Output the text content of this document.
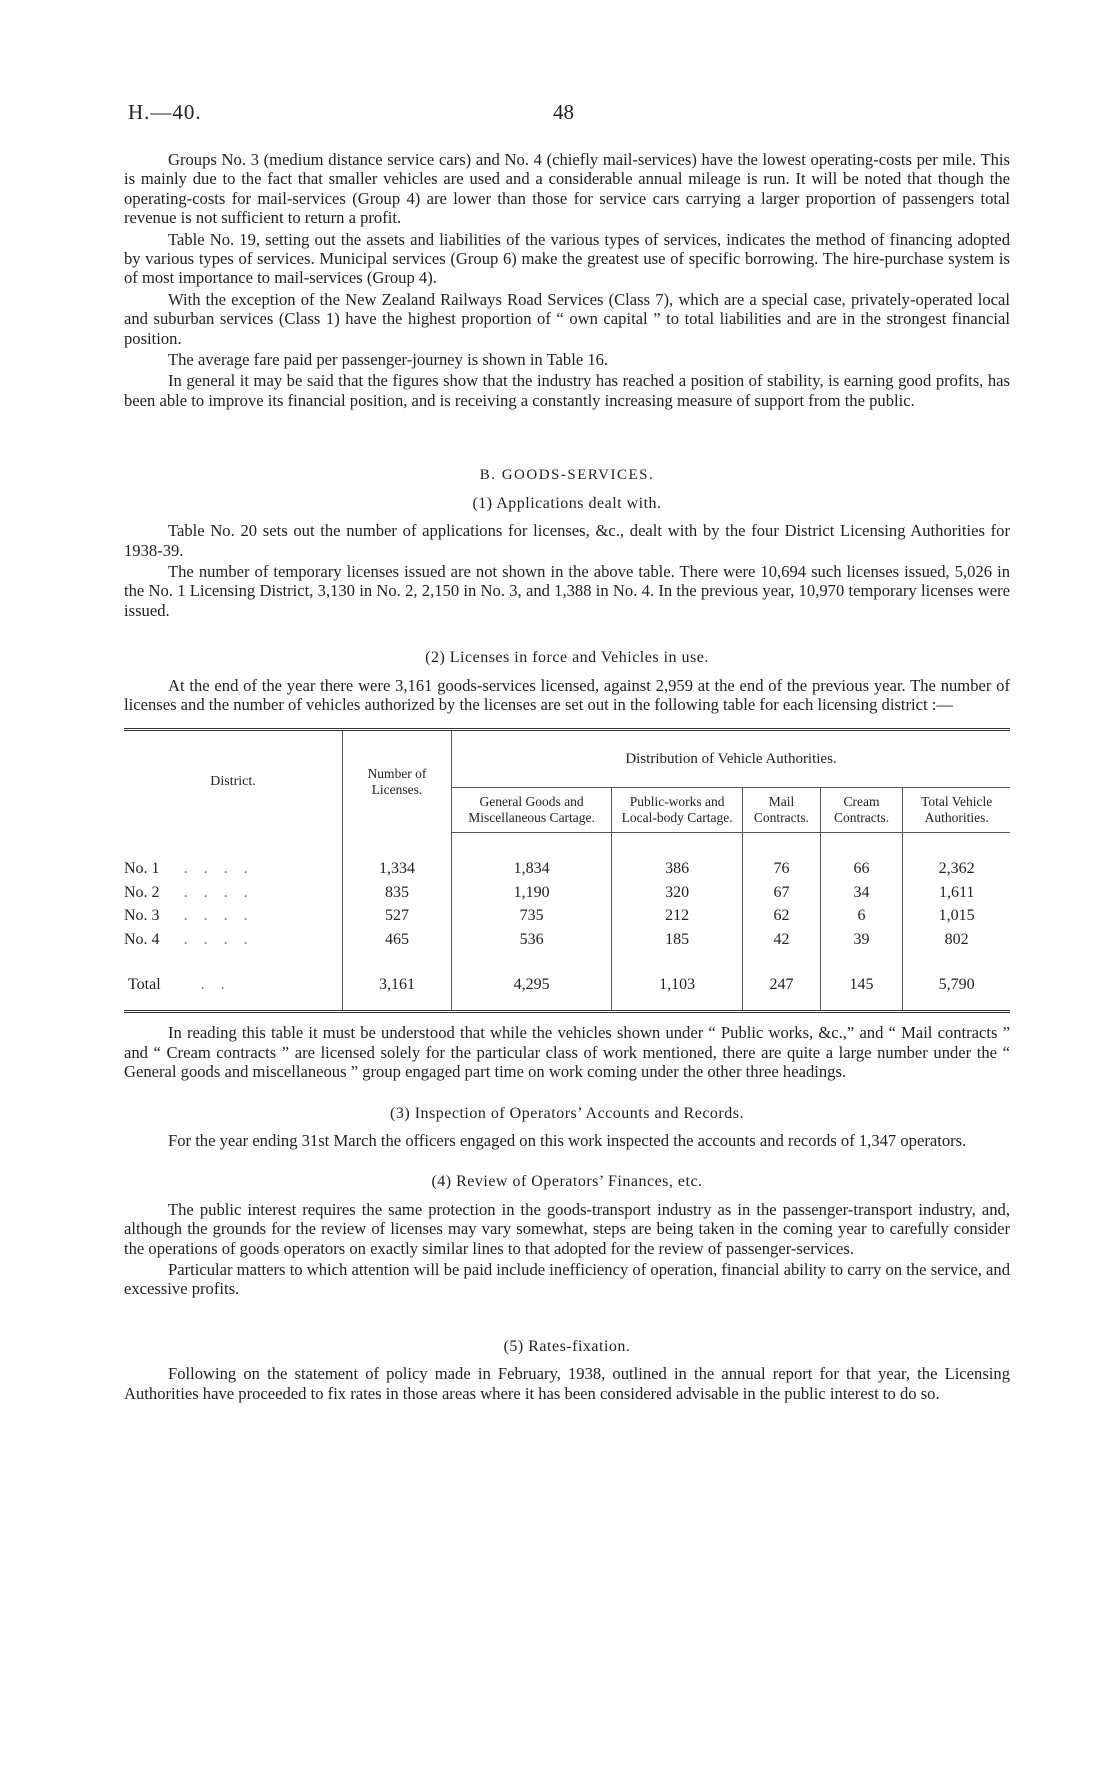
H.—40.	48

Groups No. 3 (medium distance service cars) and No. 4 (chiefly mail-services) have the lowest operating-costs per mile. This is mainly due to the fact that smaller vehicles are used and a considerable annual mileage is run. It will be noted that though the operating-costs for mail-services (Group 4) are lower than those for service cars carrying a larger proportion of passengers total revenue is not sufficient to return a profit.

Table No. 19, setting out the assets and liabilities of the various types of services, indicates the method of financing adopted by various types of services. Municipal services (Group 6) make the greatest use of specific borrowing. The hire-purchase system is of most importance to mail-services (Group 4).

With the exception of the New Zealand Railways Road Services (Class 7), which are a special case, privately-operated local and suburban services (Class 1) have the highest proportion of “ own capital ” to total liabilities and are in the strongest financial position.

The average fare paid per passenger-journey is shown in Table 16.

In general it may be said that the figures show that the industry has reached a position of stability, is earning good profits, has been able to improve its financial position, and is receiving a constantly increasing measure of support from the public.

B. GOODS-SERVICES.
(1) Applications dealt with.

Table No. 20 sets out the number of applications for licenses, &c., dealt with by the four District Licensing Authorities for 1938-39.

The number of temporary licenses issued are not shown in the above table. There were 10,694 such licenses issued, 5,026 in the No. 1 Licensing District, 3,130 in No. 2, 2,150 in No. 3, and 1,388 in No. 4. In the previous year, 10,970 temporary licenses were issued.

(2) Licenses in force and Vehicles in use.

At the end of the year there were 3,161 goods-services licensed, against 2,959 at the end of the previous year. The number of licenses and the number of vehicles authorized by the licenses are set out in the following table for each licensing district :—

District.	Number of Licenses.	Distribution of Vehicle Authorities.				
		General Goods and Miscellaneous Cartage.	Public-works and Local-body Cartage.	Mail Contracts.	Cream Contracts.	Total Vehicle Authorities.
No. 1 . . . .	1,334	1,834	386	76	66	2,362
No. 2 . . . .	835	1,190	320	67	34	1,611
No. 3 . . . .	527	735	212	62	6	1,015
No. 4 . . . .	465	536	185	42	39	802
Total . .	3,161	4,295	1,103	247	145	5,790

In reading this table it must be understood that while the vehicles shown under “ Public works, &c.,” and “ Mail contracts ” and “ Cream contracts ” are licensed solely for the particular class of work mentioned, there are quite a large number under the “ General goods and miscellaneous ” group engaged part time on work coming under the other three headings.

(3) Inspection of Operators’ Accounts and Records.

For the year ending 31st March the officers engaged on this work inspected the accounts and records of 1,347 operators.

(4) Review of Operators’ Finances, etc.

The public interest requires the same protection in the goods-transport industry as in the passenger-transport industry, and, although the grounds for the review of licenses may vary somewhat, steps are being taken in the coming year to carefully consider the operations of goods operators on exactly similar lines to that adopted for the review of passenger-services.

Particular matters to which attention will be paid include inefficiency of operation, financial ability to carry on the service, and excessive profits.

(5) Rates-fixation.

Following on the statement of policy made in February, 1938, outlined in the annual report for that year, the Licensing Authorities have proceeded to fix rates in those areas where it has been considered advisable in the public interest to do so.
